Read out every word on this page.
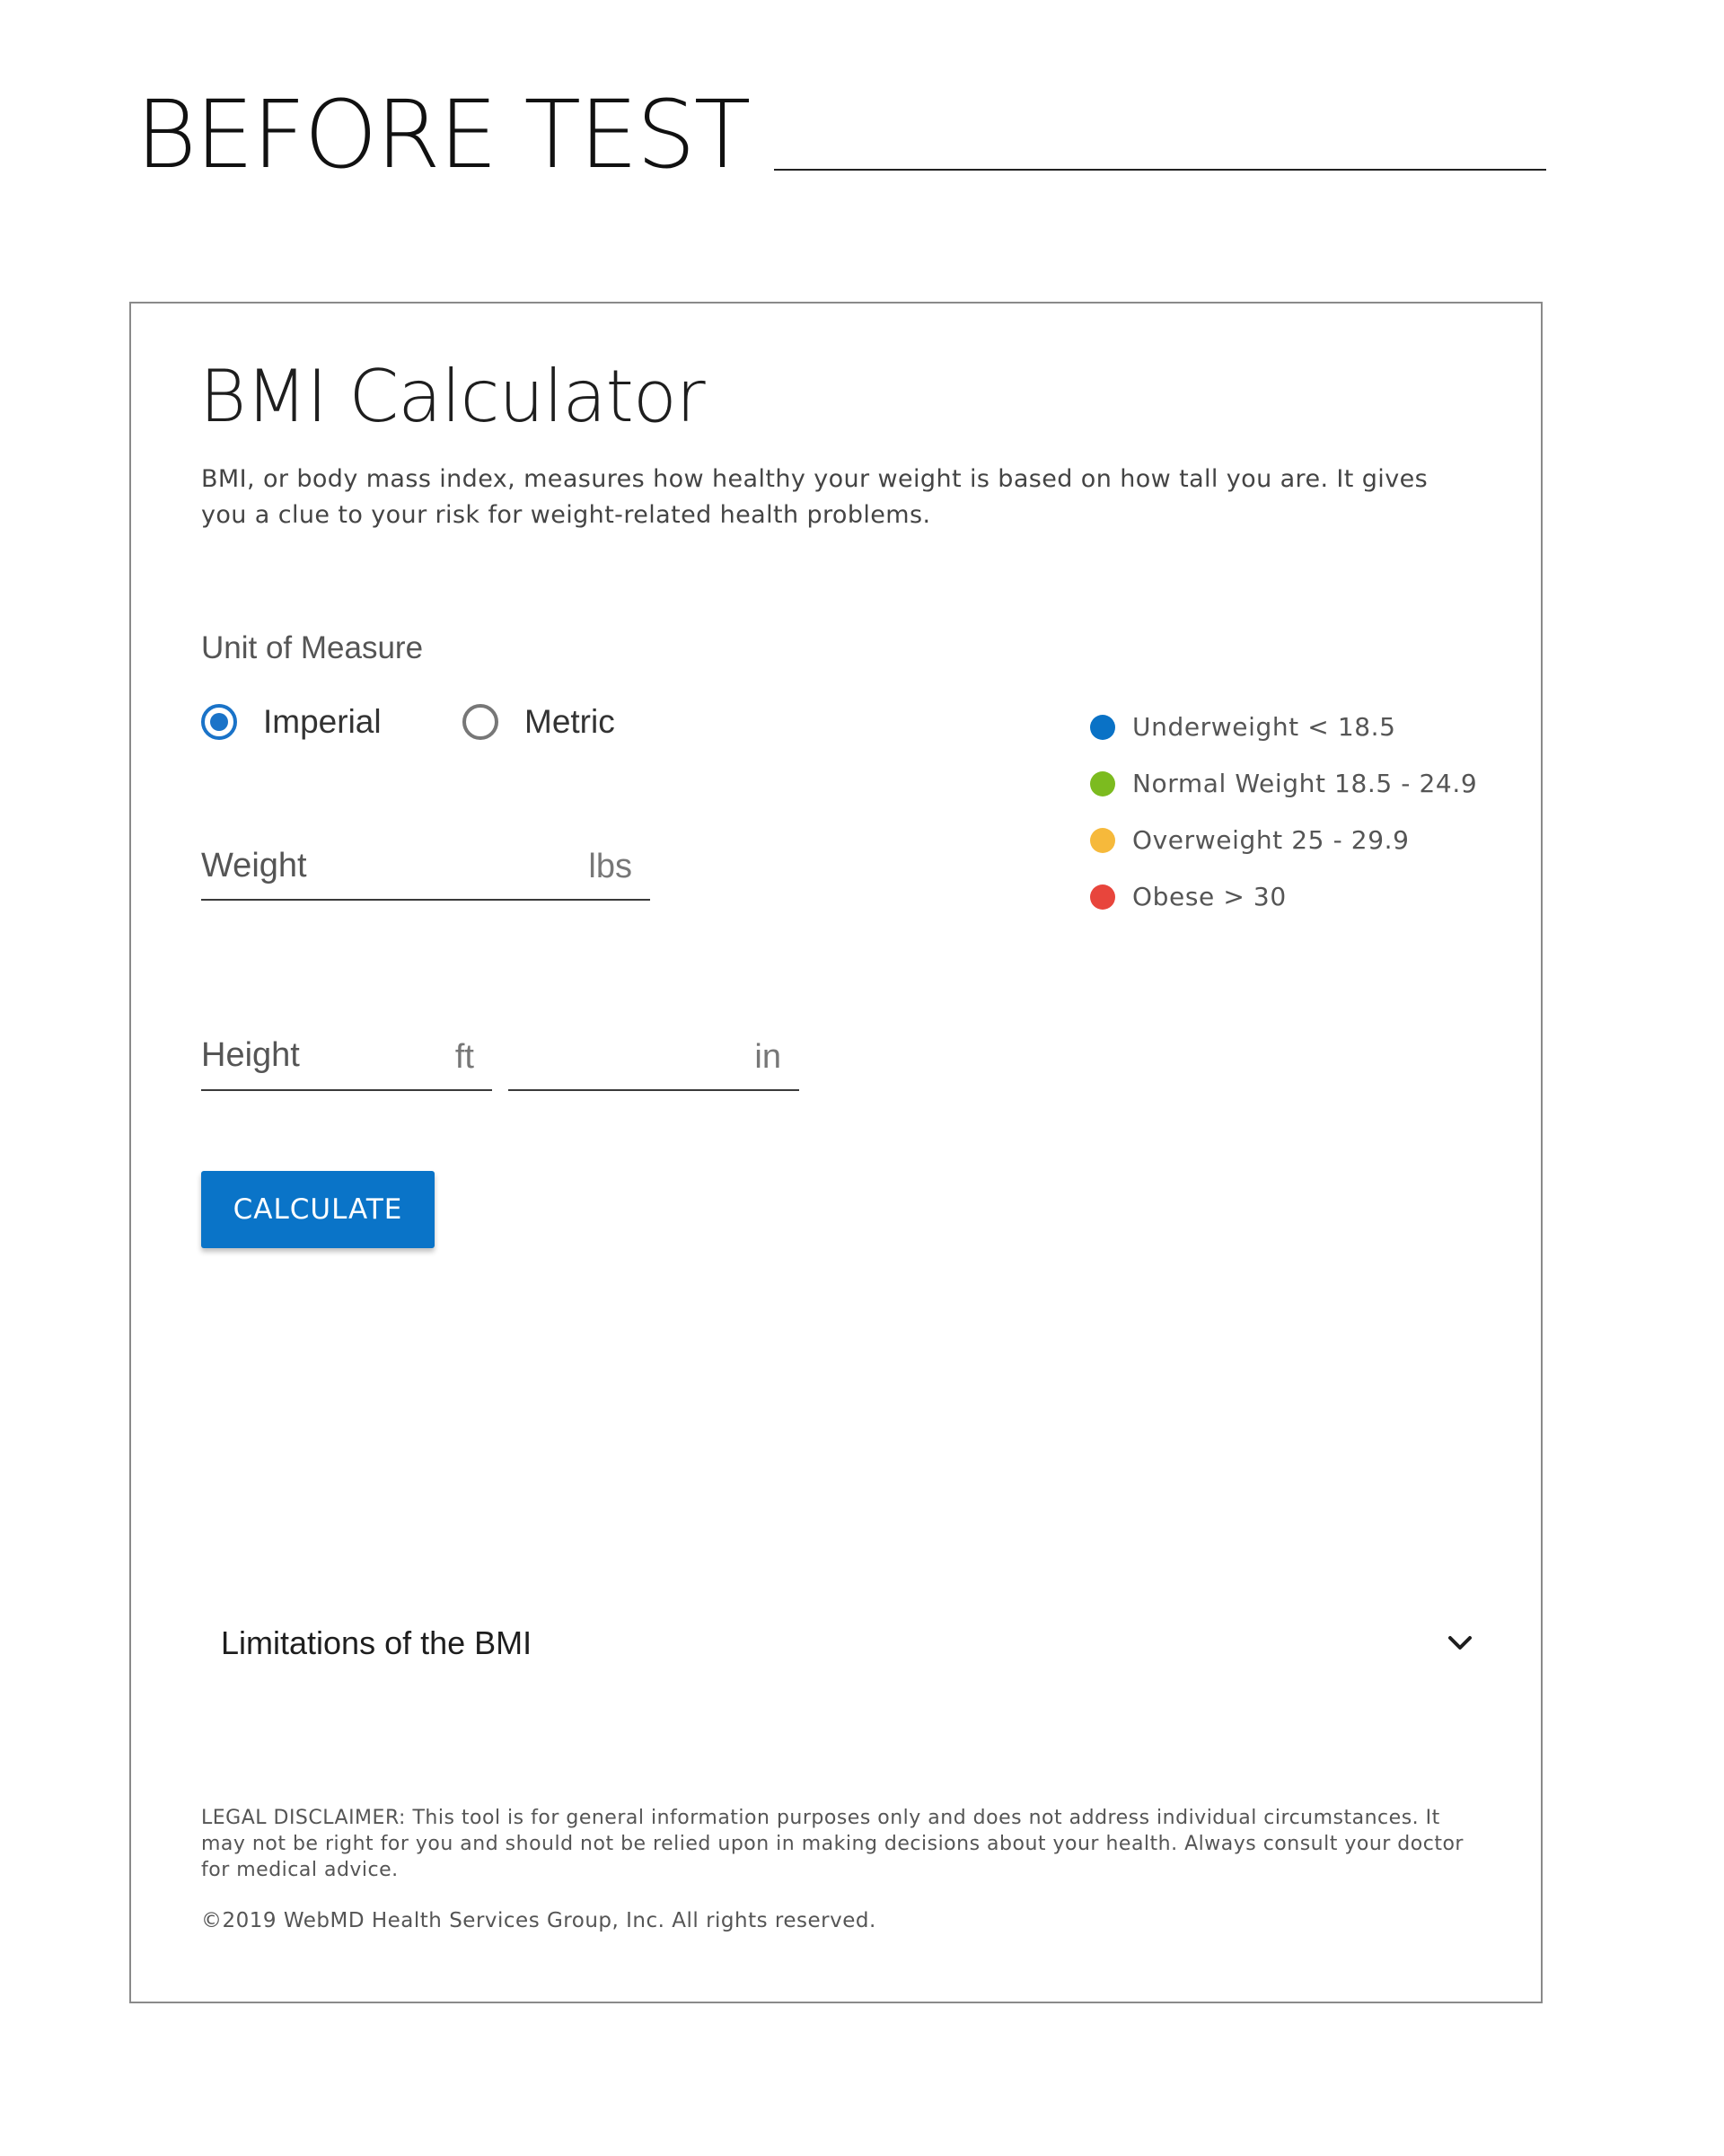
BEFORE TEST
BMI Calculator

BMI, or body mass index, measures how healthy your weight is based on how tall you are. It gives you a clue to your risk for weight-related health problems.

Unit of Measure
Imperial	Metric	Underweight < 18.5
Normal Weight 18.5 - 24.9
Overweight 25 - 29.9
Obese > 30
Weight
lbs
Height
ft	in
CALCULATE
Limitations of the BMI

LEGAL DISCLAIMER: This tool is for general information purposes only and does not address individual circumstances. It may not be right for you and should not be relied upon in making decisions about your health. Always consult your doctor for medical advice.

©2019 WebMD Health Services Group, Inc. All rights reserved.
